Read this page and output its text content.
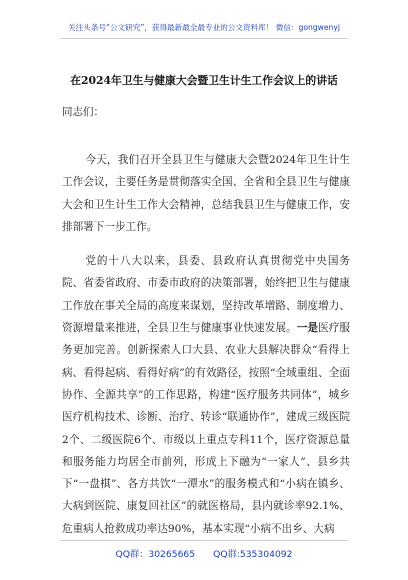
关注头条号“公文研究”，获得最新最全最专业的公文资料库！ 微信：gongwenyj
在2024年卫生与健康大会暨卫生计生工作会议上的讲话
同志们：

今天，我们召开全县卫生与健康大会暨2024年卫生计生工作会议，主要任务是贯彻落实全国、全省和全县卫生与健康大会和卫生计生工作大会精神，总结我县卫生与健康工作，安排部署下一步工作。

党的十八大以来，县委、县政府认真贯彻党中央国务院、省委省政府、市委市政府的决策部署，始终把卫生与健康工作放在事关全局的高度来谋划，坚持改革增路、制度增力、资源增量来推进，全县卫生与健康事业快速发展。一是医疗服务更加完善。创新探索人口大县、农业大县解决群众“看得上病、看得起病、看得好病”的有效路径，按照“全域重组、全面协作、全源共享”的工作思路，构建“医疗服务共同体”，城乡医疗机构技术、诊断、治疗、转诊“联通协作”，建成三级医院2个、二级医院6个、市级以上重点专科11个，医疗资源总量和服务能力均居全市前列，形成上下融为“一家人”、县乡共下“一盘棋”、各方共饮“一潭水”的服务模式和“小病在镇乡、大病到医院、康复回社区”的就医格局，县内就诊率92.1%、危重病人抢救成功率达90%，基本实现“小病不出乡、大病

QQ群：30265665 QQ群:535304092
